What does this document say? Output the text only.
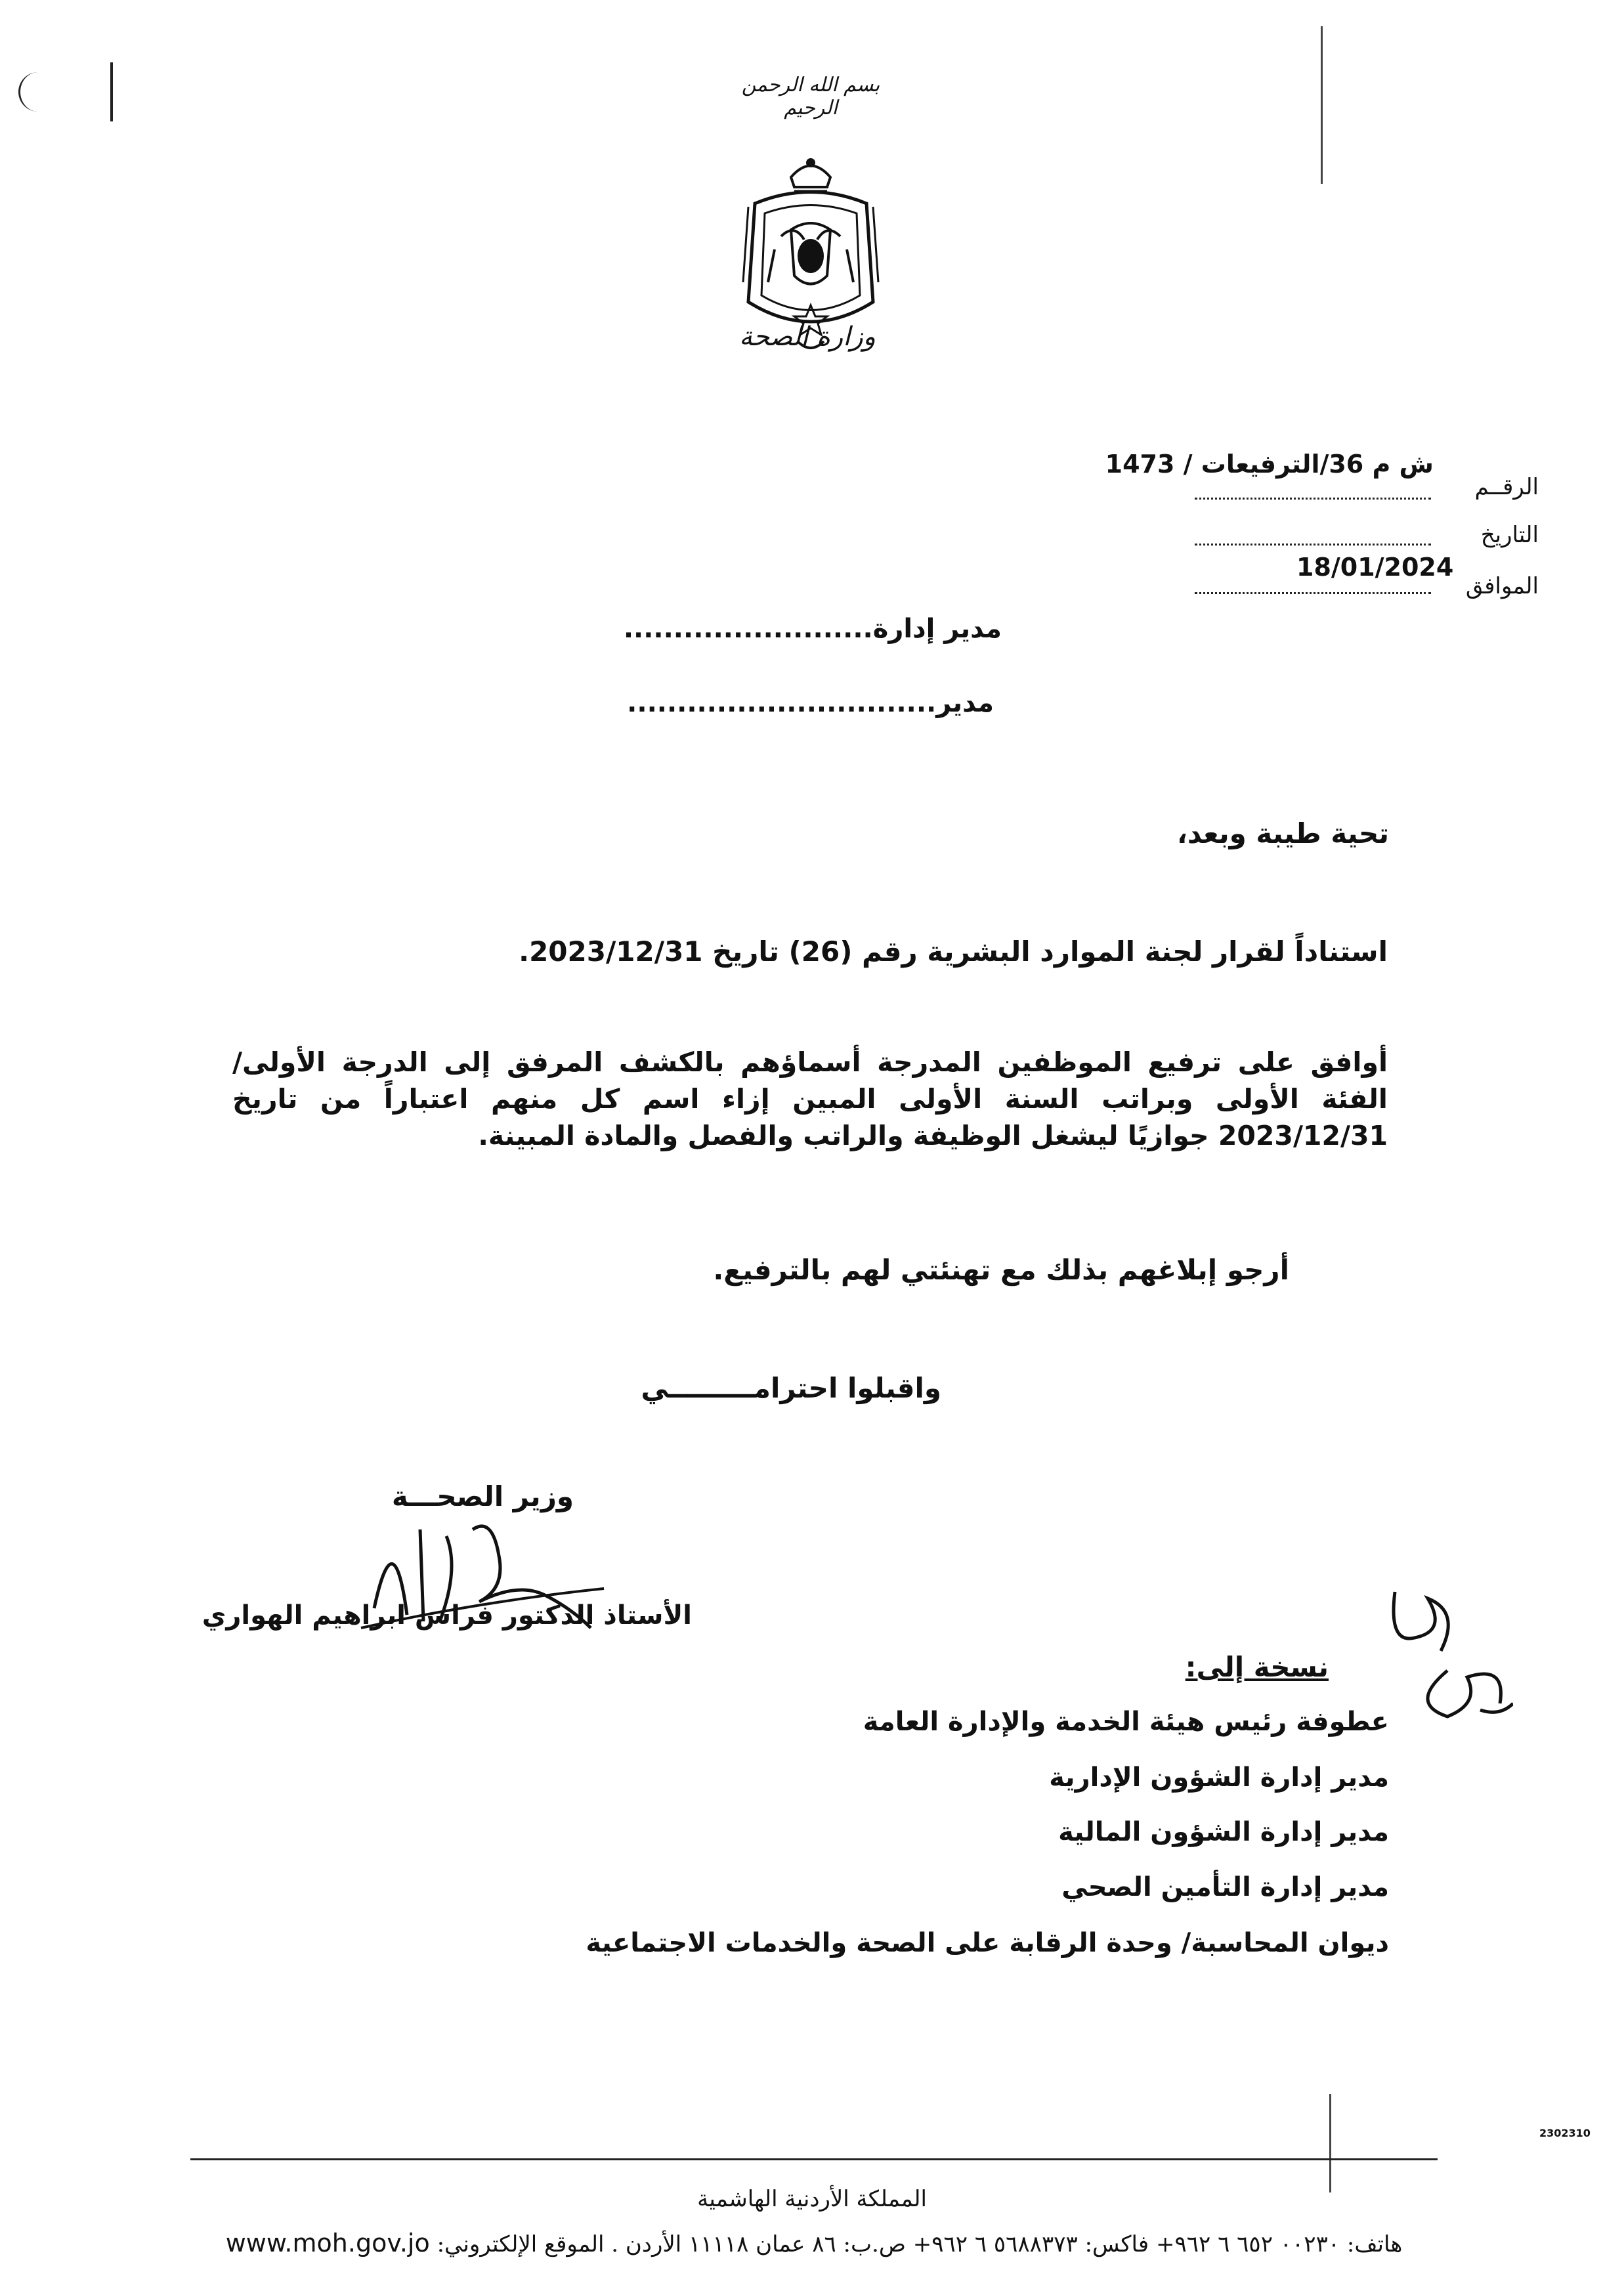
بسم الله الرحمن الرحيم
وزارة الصحة
ش م 36/الترفيعات / 1473
الرقــم
التاريخ
18/01/2024
الموافق
مدير إدارة.........................
مدير...............................
تحية طيبة وبعد،
استناداً لقرار لجنة الموارد البشرية رقم (26) تاريخ 2023/12/31.
أوافق على ترفيع الموظفين المدرجة أسماؤهم بالكشف المرفق إلى الدرجة الأولى/ الفئة الأولى وبراتب السنة الأولى المبين إزاء اسم كل منهم اعتباراً من تاريخ 2023/12/31 جوازيًا ليشغل الوظيفة والراتب والفصل والمادة المبينة.
أرجو إبلاغهم بذلك مع تهنئتي لهم بالترفيع.
واقبلوا احترامـــــــــي
وزير الصحـــة
الأستاذ الدكتور فراس ابراهيم الهواري
نسخة إلى:
عطوفة رئيس هيئة الخدمة والإدارة العامة
مدير إدارة الشؤون الإدارية
مدير إدارة الشؤون المالية
مدير إدارة التأمين الصحي
ديوان المحاسبة/ وحدة الرقابة على الصحة والخدمات الاجتماعية
2302310
المملكة الأردنية الهاشمية
هاتف: ٠٠٢٣٠ ٦٥٢ ٦ ٩٦٢+ فاكس: ٥٦٨٨٣٧٣ ٦ ٩٦٢+ ص.ب: ٨٦ عمان ١١١١٨ الأردن . الموقع الإلكتروني: www.moh.gov.jo
